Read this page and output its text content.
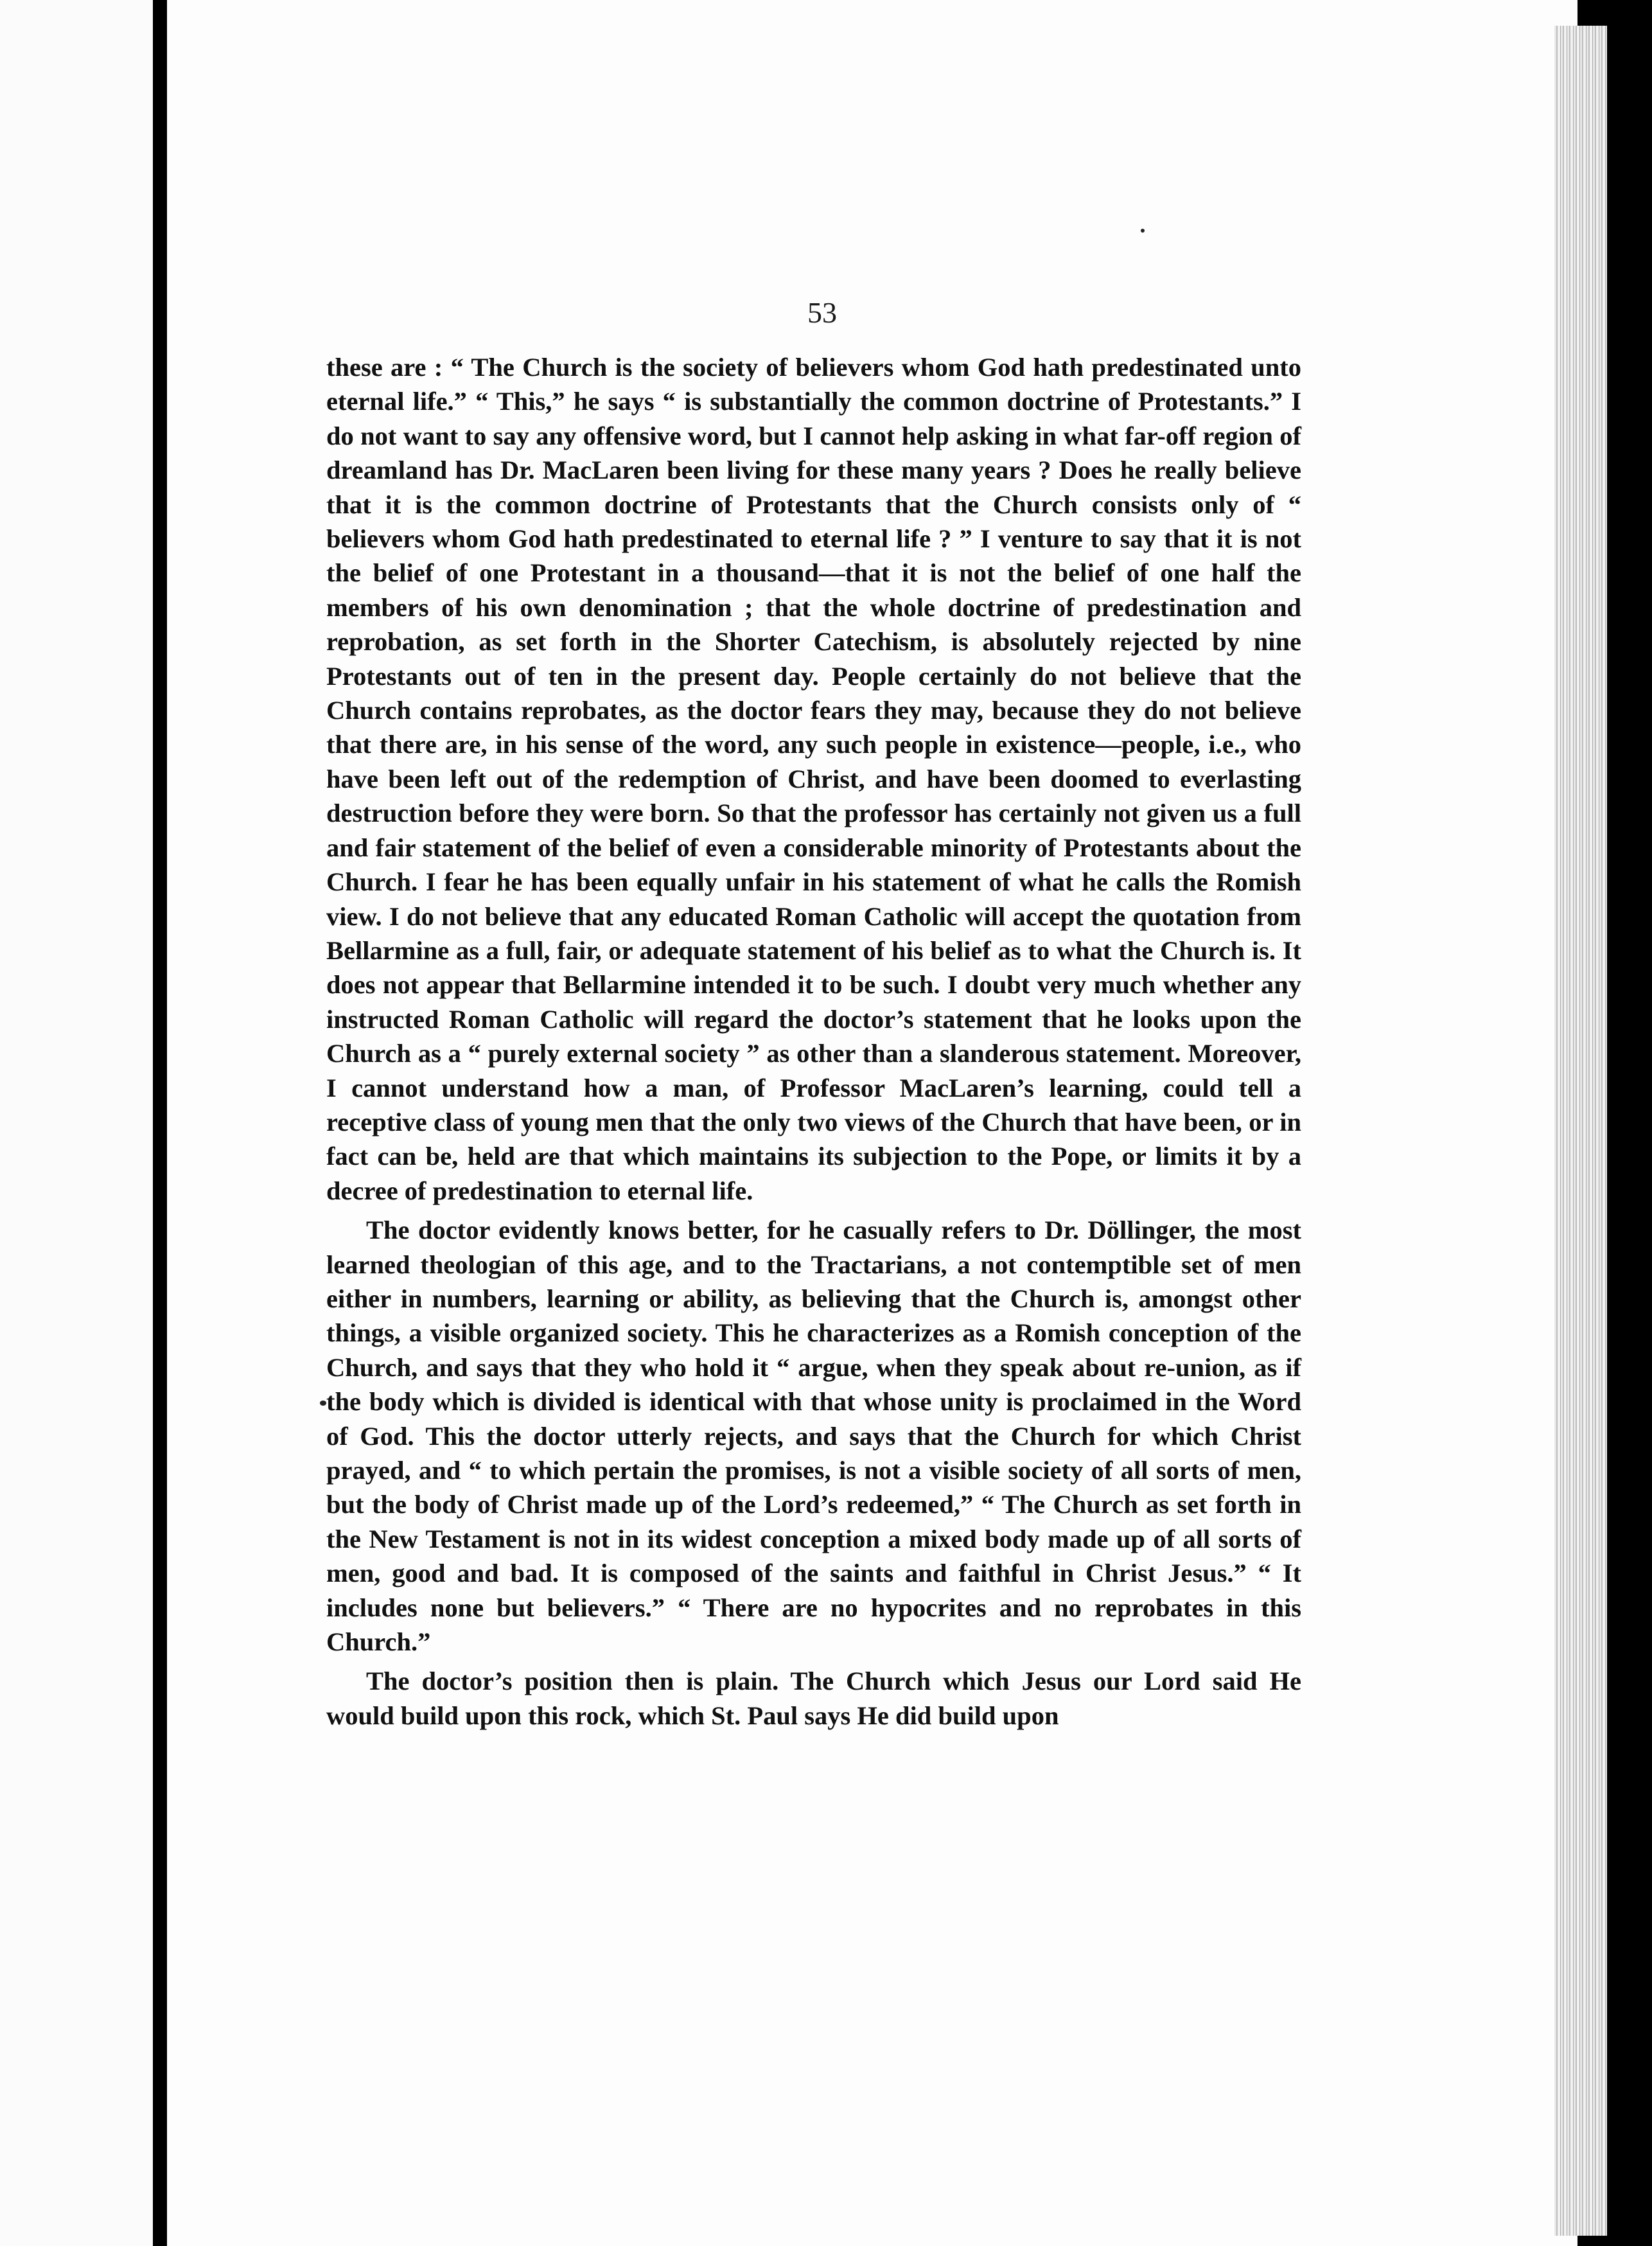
53

these are : “ The Church is the society of believers whom God hath predestinated unto eternal life.” “ This,” he says “ is substantially the common doctrine of Protestants.” I do not want to say any offensive word, but I cannot help asking in what far-off region of dreamland has Dr. MacLaren been living for these many years ? Does he really believe that it is the common doctrine of Protestants that the Church consists only of “ believers whom God hath predestinated to eternal life ? ” I venture to say that it is not the belief of one Protestant in a thousand—that it is not the belief of one half the members of his own denomination ; that the whole doctrine of predestination and reprobation, as set forth in the Shorter Catechism, is absolutely rejected by nine Protestants out of ten in the present day. People certainly do not believe that the Church contains reprobates, as the doctor fears they may, because they do not believe that there are, in his sense of the word, any such people in existence—people, i.e., who have been left out of the redemption of Christ, and have been doomed to everlasting destruction before they were born. So that the professor has certainly not given us a full and fair statement of the belief of even a considerable minority of Protestants about the Church. I fear he has been equally unfair in his statement of what he calls the Romish view. I do not believe that any educated Roman Catholic will accept the quotation from Bellarmine as a full, fair, or adequate statement of his belief as to what the Church is. It does not appear that Bellarmine intended it to be such. I doubt very much whether any instructed Roman Catholic will regard the doctor’s statement that he looks upon the Church as a “ purely external society ” as other than a slanderous statement. Moreover, I cannot understand how a man, of Professor MacLaren’s learning, could tell a receptive class of young men that the only two views of the Church that have been, or in fact can be, held are that which maintains its subjection to the Pope, or limits it by a decree of predestination to eternal life.

The doctor evidently knows better, for he casually refers to Dr. Döllinger, the most learned theologian of this age, and to the Tractarians, a not contemptible set of men either in numbers, learning or ability, as believing that the Church is, amongst other things, a visible organized society. This he characterizes as a Romish conception of the Church, and says that they who hold it “ argue, when they speak about re-union, as if the body which is divided is identical with that whose unity is proclaimed in the Word of God. This the doctor utterly rejects, and says that the Church for which Christ prayed, and “ to which pertain the promises, is not a visible society of all sorts of men, but the body of Christ made up of the Lord’s redeemed,” “ The Church as set forth in the New Testament is not in its widest conception a mixed body made up of all sorts of men, good and bad. It is composed of the saints and faithful in Christ Jesus.” “ It includes none but believers.” “ There are no hypocrites and no reprobates in this Church.”

The doctor’s position then is plain. The Church which Jesus our Lord said He would build upon this rock, which St. Paul says He did build upon
